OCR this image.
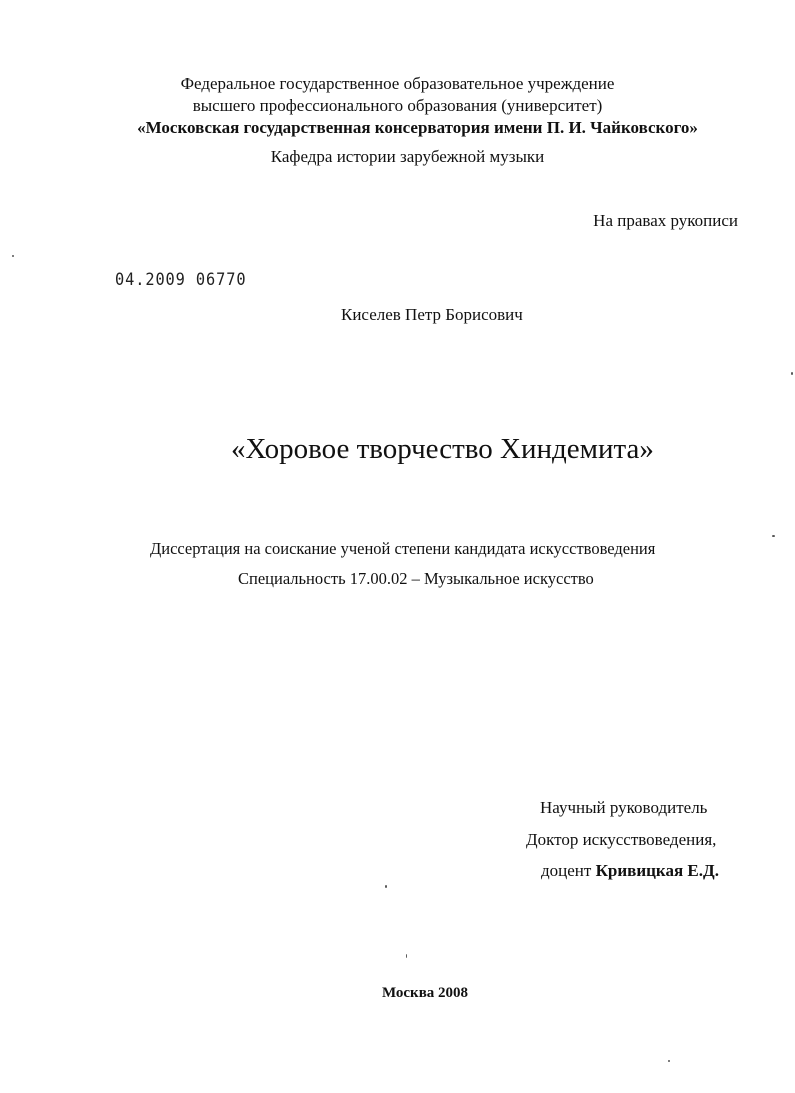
Федеральное государственное образовательное учреждение
высшего профессионального образования (университет)
«Московская государственная консерватория имени П. И. Чайковского»
Кафедра истории зарубежной музыки
На правах рукописи
04.2009 06770
Киселев Петр Борисович
«Хоровое творчество Хиндемита»
Диссертация на соискание ученой степени кандидата искусствоведения
Специальность 17.00.02 – Музыкальное искусство
Научный руководитель
Доктор искусствоведения,
доцент Кривицкая Е.Д.
Москва 2008
